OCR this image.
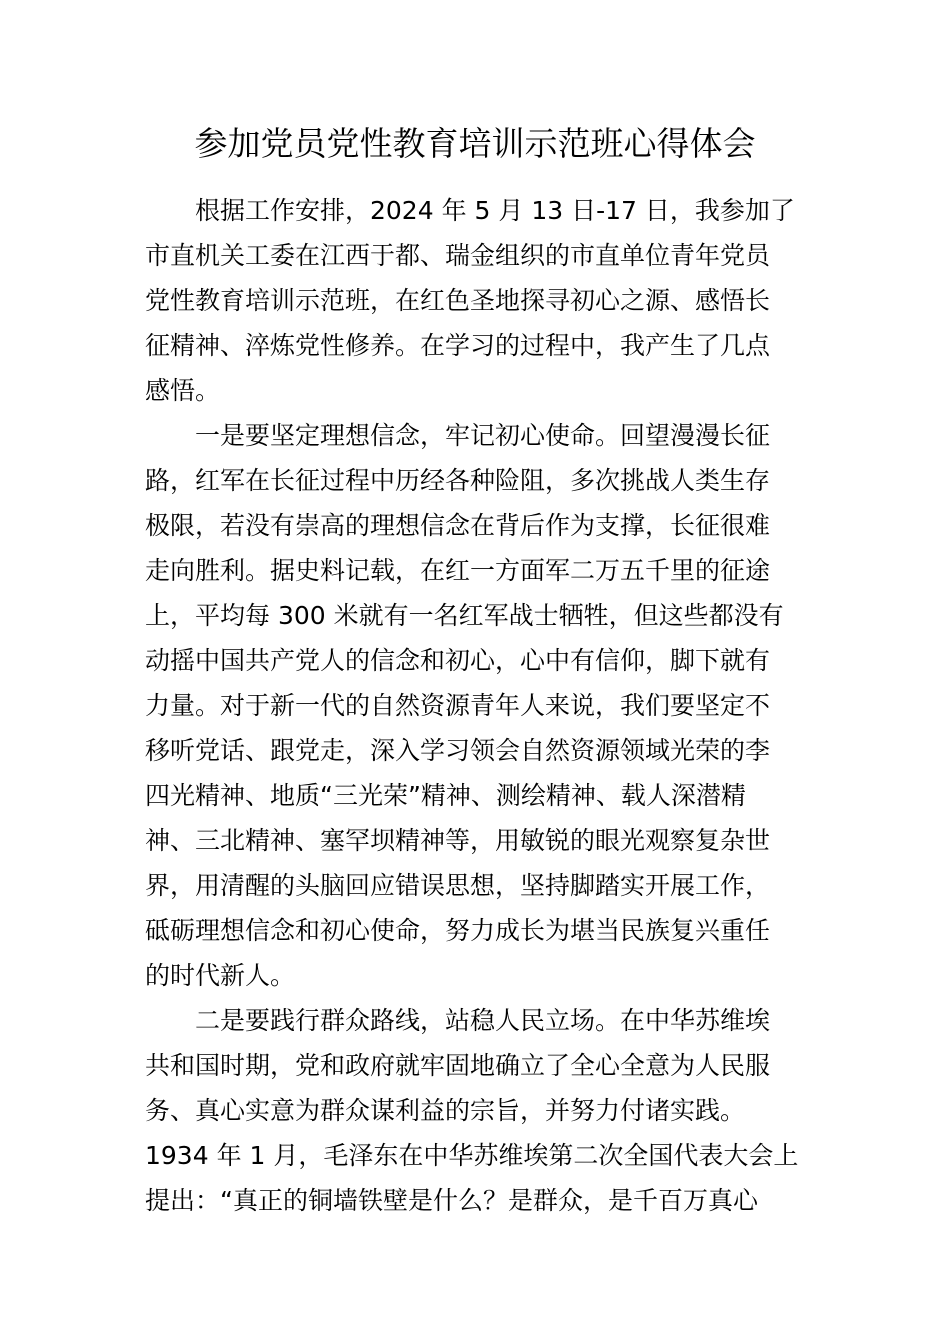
参加党员党性教育培训示范班心得体会

根据工作安排，2024 年 5 月 13 日-17 日，我参加了

市直机关工委在江西于都、瑞金组织的市直单位青年党员

党性教育培训示范班，在红色圣地探寻初心之源、感悟长

征精神、淬炼党性修养。在学习的过程中，我产生了几点

感悟。

一是要坚定理想信念，牢记初心使命。回望漫漫长征

路，红军在长征过程中历经各种险阻，多次挑战人类生存

极限，若没有崇高的理想信念在背后作为支撑，长征很难

走向胜利。据史料记载，在红一方面军二万五千里的征途

上，平均每 300 米就有一名红军战士牺牲，但这些都没有

动摇中国共产党人的信念和初心，心中有信仰，脚下就有

力量。对于新一代的自然资源青年人来说，我们要坚定不

移听党话、跟党走，深入学习领会自然资源领域光荣的李

四光精神、地质“三光荣”精神、测绘精神、载人深潜精

神、三北精神、塞罕坝精神等，用敏锐的眼光观察复杂世

界，用清醒的头脑回应错误思想，坚持脚踏实开展工作，

砥砺理想信念和初心使命，努力成长为堪当民族复兴重任

的时代新人。

二是要践行群众路线，站稳人民立场。在中华苏维埃

共和国时期，党和政府就牢固地确立了全心全意为人民服

务、真心实意为群众谋利益的宗旨，并努力付诸实践。

1934 年 1 月，毛泽东在中华苏维埃第二次全国代表大会上

提出：“真正的铜墙铁壁是什么？是群众，是千百万真心
